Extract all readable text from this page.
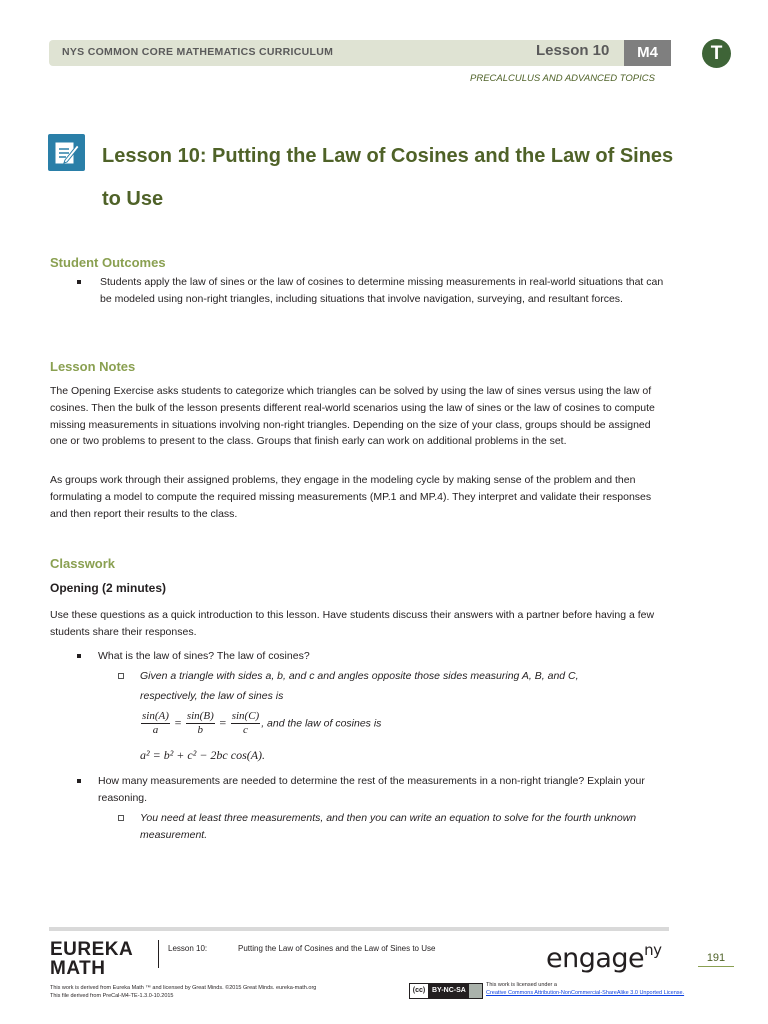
NYS COMMON CORE MATHEMATICS CURRICULUM	Lesson 10	M4	T
PRECALCULUS AND ADVANCED TOPICS
Lesson 10: Putting the Law of Cosines and the Law of Sines
to Use
Student Outcomes
Students apply the law of sines or the law of cosines to determine missing measurements in real-world situations that can be modeled using non-right triangles, including situations that involve navigation, surveying, and resultant forces.
Lesson Notes
The Opening Exercise asks students to categorize which triangles can be solved by using the law of sines versus using the law of cosines. Then the bulk of the lesson presents different real-world scenarios using the law of sines or the law of cosines to compute missing measurements in situations involving non-right triangles. Depending on the size of your class, groups should be assigned one or two problems to present to the class. Groups that finish early can work on additional problems in the set.
As groups work through their assigned problems, they engage in the modeling cycle by making sense of the problem and then formulating a model to compute the required missing measurements (MP.1 and MP.4). They interpret and validate their responses and then report their results to the class.
Classwork
Opening (2 minutes)
Use these questions as a quick introduction to this lesson. Have students discuss their answers with a partner before having a few students share their responses.
What is the law of sines? The law of cosines?
Given a triangle with sides a, b, and c and angles opposite those sides measuring A, B, and C,
respectively, the law of sines is
$\frac{\sin(A)}{a} = \frac{\sin(B)}{b} = \frac{\sin(C)}{c}$ , and the law of cosines is
a² = b² + c² − 2bc cos(A).
How many measurements are needed to determine the rest of the measurements in a non-right triangle? Explain your reasoning.
You need at least three measurements, and then you can write an equation to solve for the fourth unknown measurement.
EUREKA
MATH
Lesson 10:	Putting the Law of Cosines and the Law of Sines to Use	engage$^{ny}$	191
This work is derived from Eureka Math ™ and licensed by Great Minds. ©2015 Great Minds. eureka-math.org
This file derived from PreCal-M4-TE-1.3.0-10.2015
(cc) BY-NC-SA
This work is licensed under a
Creative Commons Attribution-NonCommercial-ShareAlike 3.0 Unported License.
